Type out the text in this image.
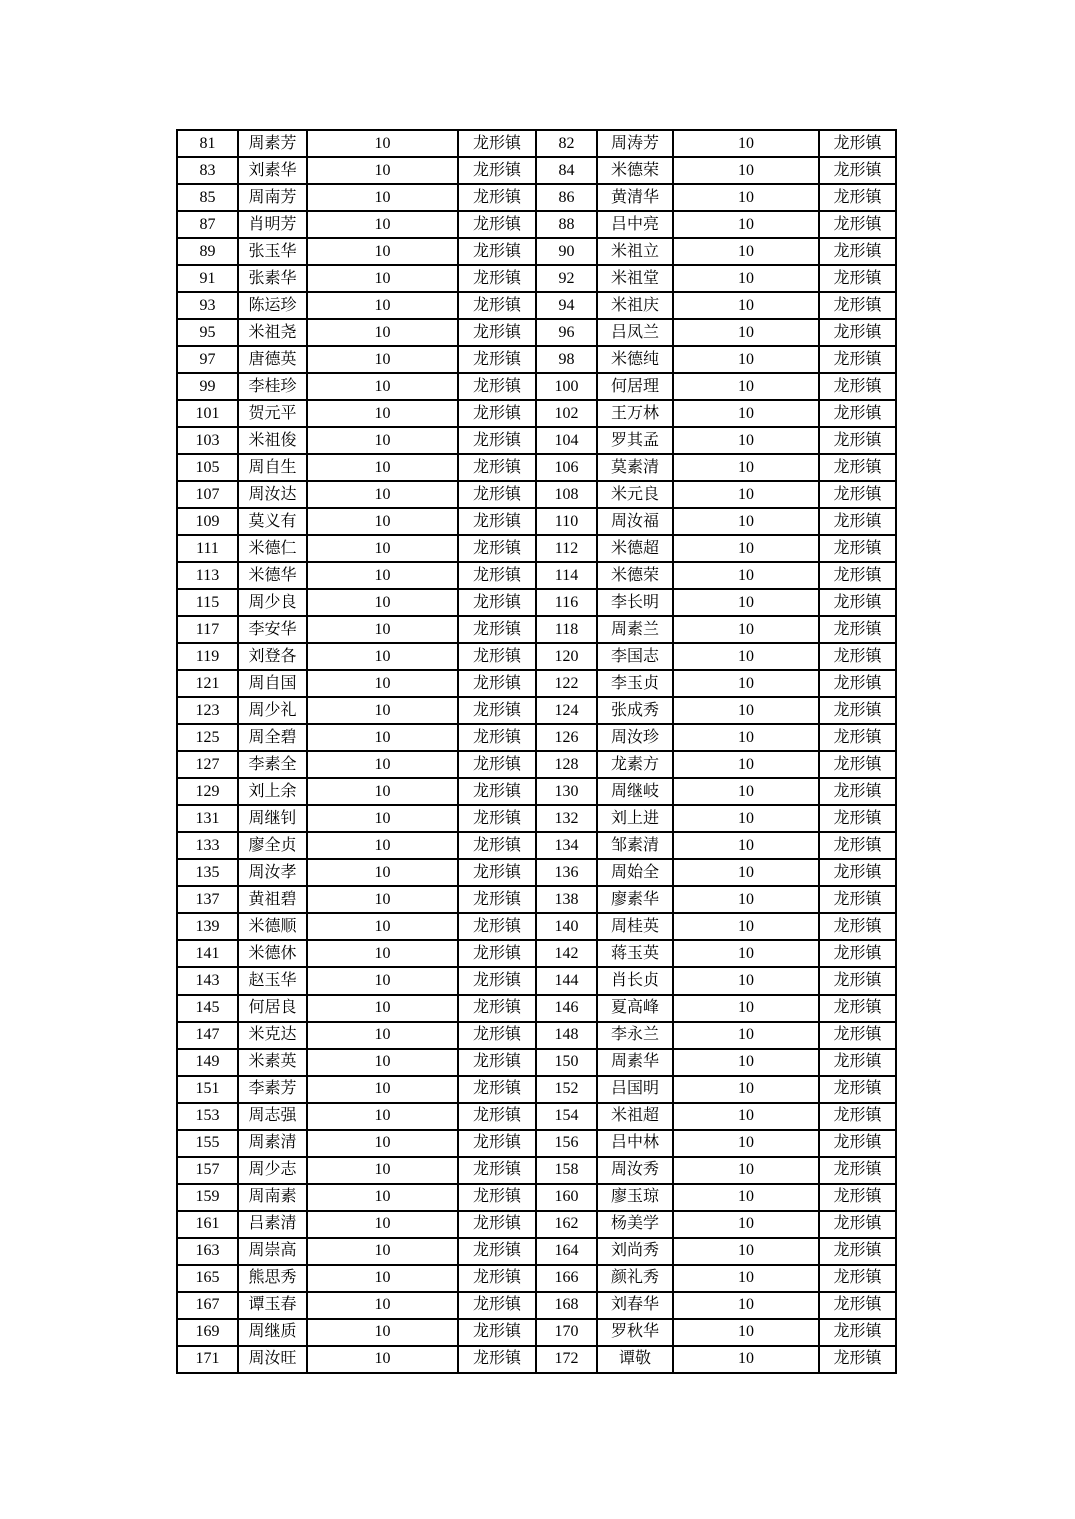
81	周素芳	10	龙形镇	82	周涛芳	10	龙形镇
83	刘素华	10	龙形镇	84	米德荣	10	龙形镇
85	周南芳	10	龙形镇	86	黄清华	10	龙形镇
87	肖明芳	10	龙形镇	88	吕中亮	10	龙形镇
89	张玉华	10	龙形镇	90	米祖立	10	龙形镇
91	张素华	10	龙形镇	92	米祖堂	10	龙形镇
93	陈运珍	10	龙形镇	94	米祖庆	10	龙形镇
95	米祖尧	10	龙形镇	96	吕凤兰	10	龙形镇
97	唐德英	10	龙形镇	98	米德纯	10	龙形镇
99	李桂珍	10	龙形镇	100	何居理	10	龙形镇
101	贺元平	10	龙形镇	102	王万林	10	龙形镇
103	米祖俊	10	龙形镇	104	罗其孟	10	龙形镇
105	周自生	10	龙形镇	106	莫素清	10	龙形镇
107	周汝达	10	龙形镇	108	米元良	10	龙形镇
109	莫义有	10	龙形镇	110	周汝福	10	龙形镇
111	米德仁	10	龙形镇	112	米德超	10	龙形镇
113	米德华	10	龙形镇	114	米德荣	10	龙形镇
115	周少良	10	龙形镇	116	李长明	10	龙形镇
117	李安华	10	龙形镇	118	周素兰	10	龙形镇
119	刘登各	10	龙形镇	120	李国志	10	龙形镇
121	周自国	10	龙形镇	122	李玉贞	10	龙形镇
123	周少礼	10	龙形镇	124	张成秀	10	龙形镇
125	周全碧	10	龙形镇	126	周汝珍	10	龙形镇
127	李素全	10	龙形镇	128	龙素方	10	龙形镇
129	刘上余	10	龙形镇	130	周继岐	10	龙形镇
131	周继钊	10	龙形镇	132	刘上进	10	龙形镇
133	廖全贞	10	龙形镇	134	邹素清	10	龙形镇
135	周汝孝	10	龙形镇	136	周始全	10	龙形镇
137	黄祖碧	10	龙形镇	138	廖素华	10	龙形镇
139	米德顺	10	龙形镇	140	周桂英	10	龙形镇
141	米德休	10	龙形镇	142	蒋玉英	10	龙形镇
143	赵玉华	10	龙形镇	144	肖长贞	10	龙形镇
145	何居良	10	龙形镇	146	夏高峰	10	龙形镇
147	米克达	10	龙形镇	148	李永兰	10	龙形镇
149	米素英	10	龙形镇	150	周素华	10	龙形镇
151	李素芳	10	龙形镇	152	吕国明	10	龙形镇
153	周志强	10	龙形镇	154	米祖超	10	龙形镇
155	周素清	10	龙形镇	156	吕中林	10	龙形镇
157	周少志	10	龙形镇	158	周汝秀	10	龙形镇
159	周南素	10	龙形镇	160	廖玉琼	10	龙形镇
161	吕素清	10	龙形镇	162	杨美学	10	龙形镇
163	周崇高	10	龙形镇	164	刘尚秀	10	龙形镇
165	熊思秀	10	龙形镇	166	颜礼秀	10	龙形镇
167	谭玉春	10	龙形镇	168	刘春华	10	龙形镇
169	周继质	10	龙形镇	170	罗秋华	10	龙形镇
171	周汝旺	10	龙形镇	172	谭敬	10	龙形镇
